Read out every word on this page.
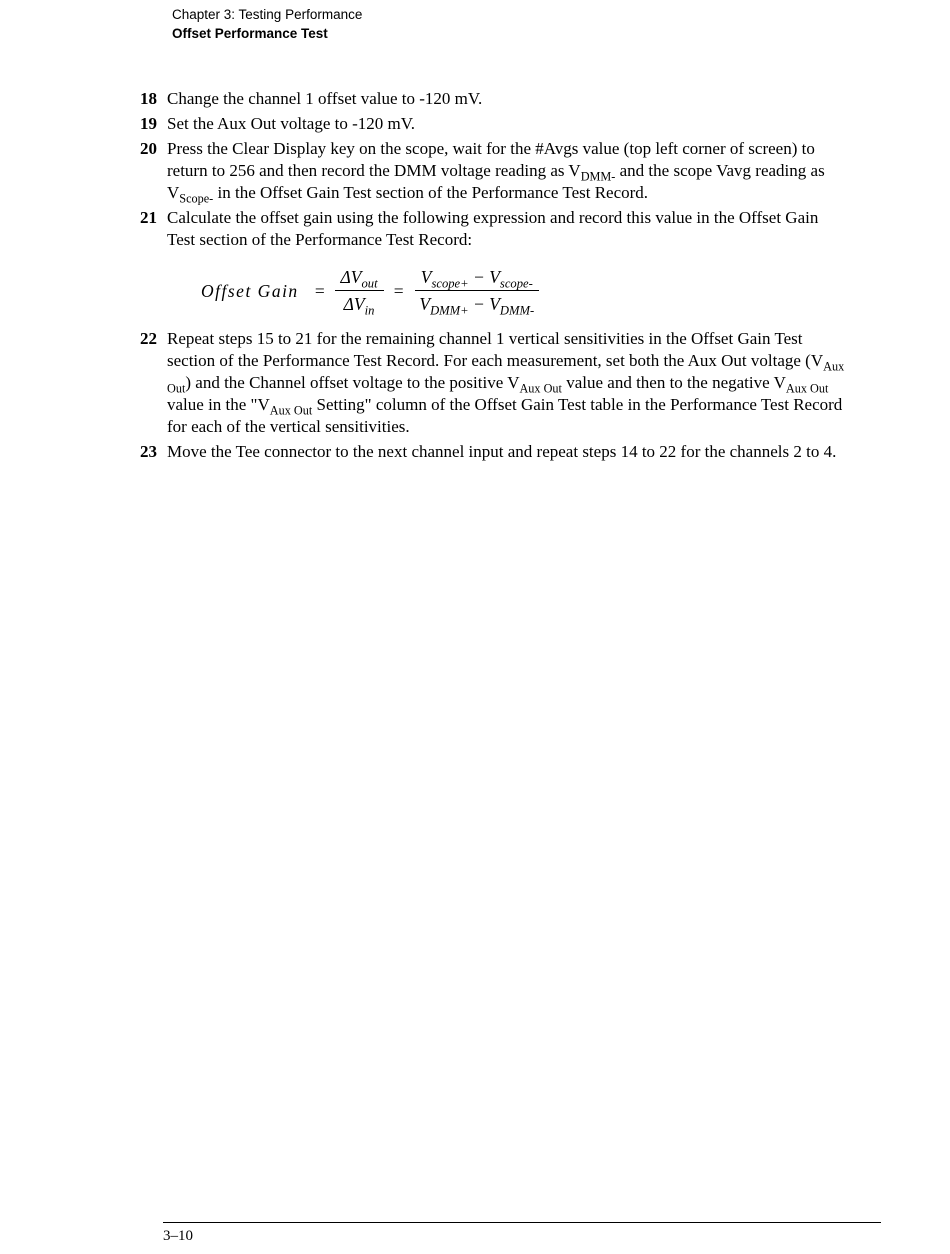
Chapter 3: Testing Performance
Offset Performance Test
18 Change the channel 1 offset value to -120 mV.
19 Set the Aux Out voltage to -120 mV.
20 Press the Clear Display key on the scope, wait for the #Avgs value (top left corner of screen) to return to 256 and then record the DMM voltage reading as $V_{DMM-}$ and the scope Vavg reading as $V_{Scope-}$ in the Offset Gain Test section of the Performance Test Record.
21 Calculate the offset gain using the following expression and record this value in the Offset Gain Test section of the Performance Test Record:
Offset Gain = $\frac{\Delta V_{out}}{\Delta V_{in}} = \frac{V_{scope+} - V_{scope-}}{V_{DMM+} - V_{DMM-}}$
22 Repeat steps 15 to 21 for the remaining channel 1 vertical sensitivities in the Offset Gain Test section of the Performance Test Record. For each measurement, set both the Aux Out voltage $(V_{Aux Out})$ and the Channel offset voltage to the positive $V_{Aux Out}$ value and then to the negative $V_{Aux Out}$ value in the "$V_{Aux Out}$ Setting" column of the Offset Gain Test table in the Performance Test Record for each of the vertical sensitivities.
23 Move the Tee connector to the next channel input and repeat steps 14 to 22 for the channels 2 to 4.
3–10
